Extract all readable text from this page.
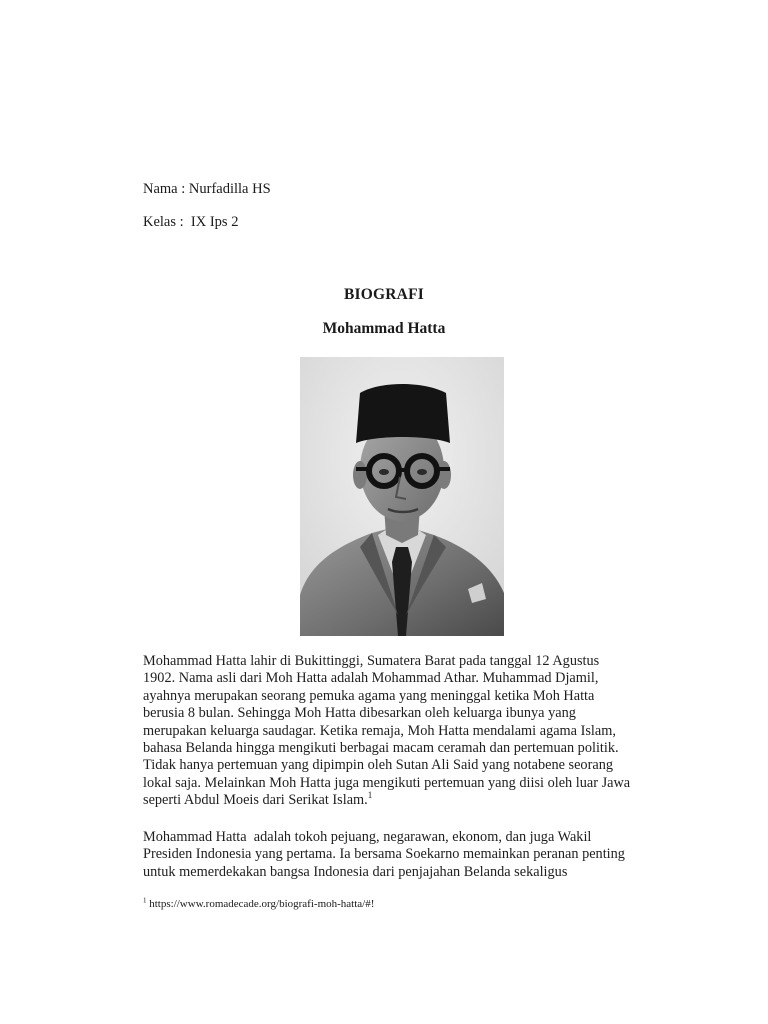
Nama : Nurfadilla HS
Kelas :  IX Ips 2
BIOGRAFI
Mohammad Hatta
Mohammad Hatta lahir di Bukittinggi, Sumatera Barat pada tanggal 12 Agustus
1902. Nama asli dari Moh Hatta adalah Mohammad Athar. Muhammad Djamil,
ayahnya merupakan seorang pemuka agama yang meninggal ketika Moh Hatta
berusia 8 bulan. Sehingga Moh Hatta dibesarkan oleh keluarga ibunya yang
merupakan keluarga saudagar. Ketika remaja, Moh Hatta mendalami agama Islam,
bahasa Belanda hingga mengikuti berbagai macam ceramah dan pertemuan politik.
Tidak hanya pertemuan yang dipimpin oleh Sutan Ali Said yang notabene seorang
lokal saja. Melainkan Moh Hatta juga mengikuti pertemuan yang diisi oleh luar Jawa
seperti Abdul Moeis dari Serikat Islam.$^1$
Mohammad Hatta  adalah tokoh pejuang, negarawan, ekonom, dan juga Wakil
Presiden Indonesia yang pertama. Ia bersama Soekarno memainkan peranan penting
untuk memerdekakan bangsa Indonesia dari penjajahan Belanda sekaligus
$^1$ https://www.romadecade.org/biografi-moh-hatta/#!
